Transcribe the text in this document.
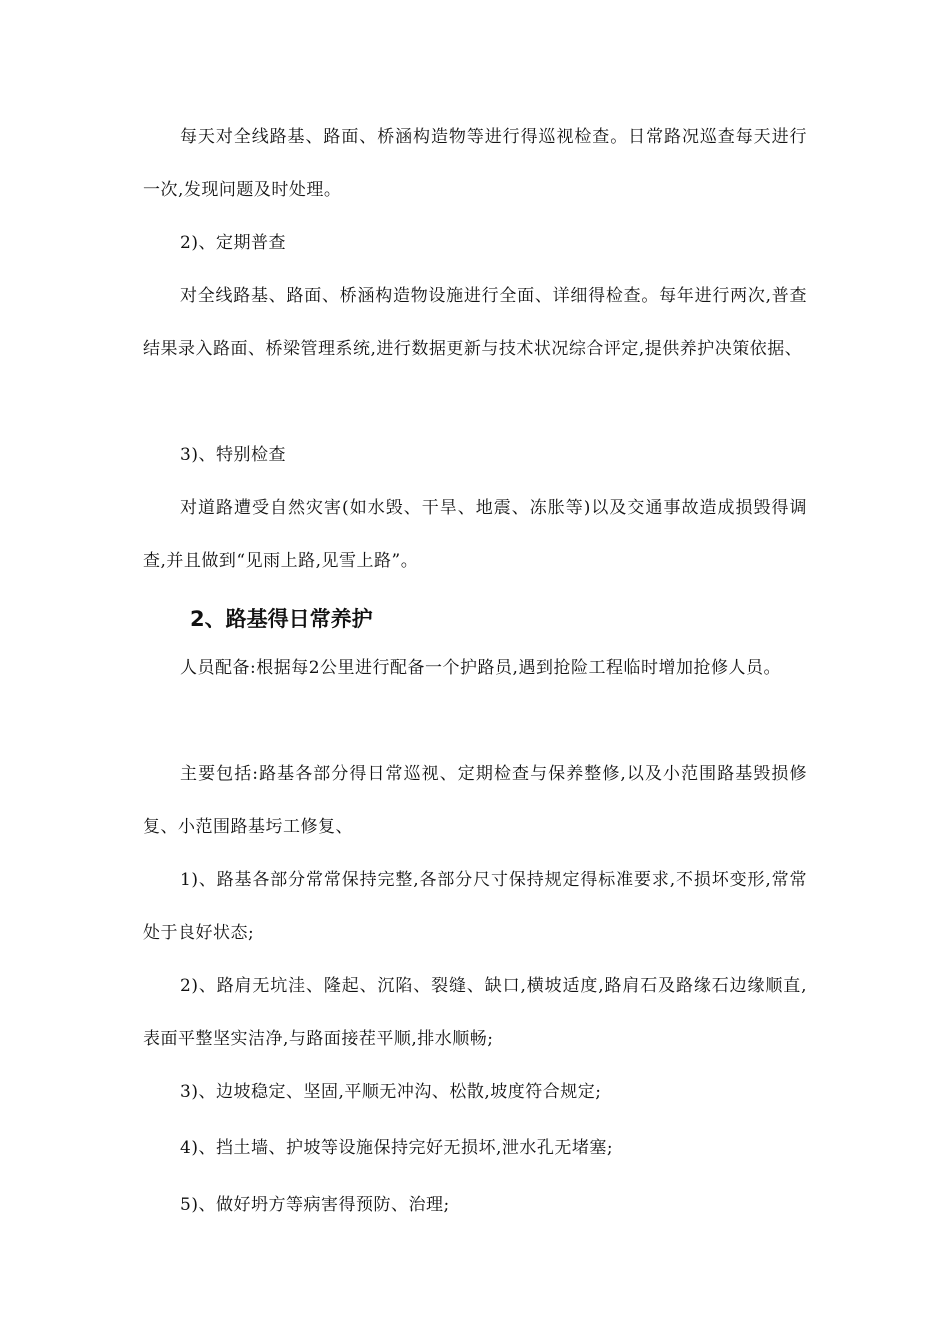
每天对全线路基、路面、桥涵构造物等进行得巡视检查。日常路况巡查每天进行一次,发现问题及时处理。

2)、定期普查

对全线路基、路面、桥涵构造物设施进行全面、详细得检查。每年进行两次,普查结果录入路面、桥梁管理系统,进行数据更新与技术状况综合评定,提供养护决策依据、

3)、特别检查

对道路遭受自然灾害(如水毁、干旱、地震、冻胀等)以及交通事故造成损毁得调查,并且做到“见雨上路,见雪上路”。

2、路基得日常养护

人员配备:根据每2公里进行配备一个护路员,遇到抢险工程临时增加抢修人员。

主要包括:路基各部分得日常巡视、定期检查与保养整修,以及小范围路基毁损修复、小范围路基圬工修复、

1)、路基各部分常常保持完整,各部分尺寸保持规定得标准要求,不损坏变形,常常处于良好状态;

2)、路肩无坑洼、隆起、沉陷、裂缝、缺口,横坡适度,路肩石及路缘石边缘顺直,表面平整坚实洁净,与路面接茬平顺,排水顺畅;

3)、边坡稳定、坚固,平顺无冲沟、松散,坡度符合规定;

4)、挡土墙、护坡等设施保持完好无损坏,泄水孔无堵塞;

5)、做好坍方等病害得预防、治理;
